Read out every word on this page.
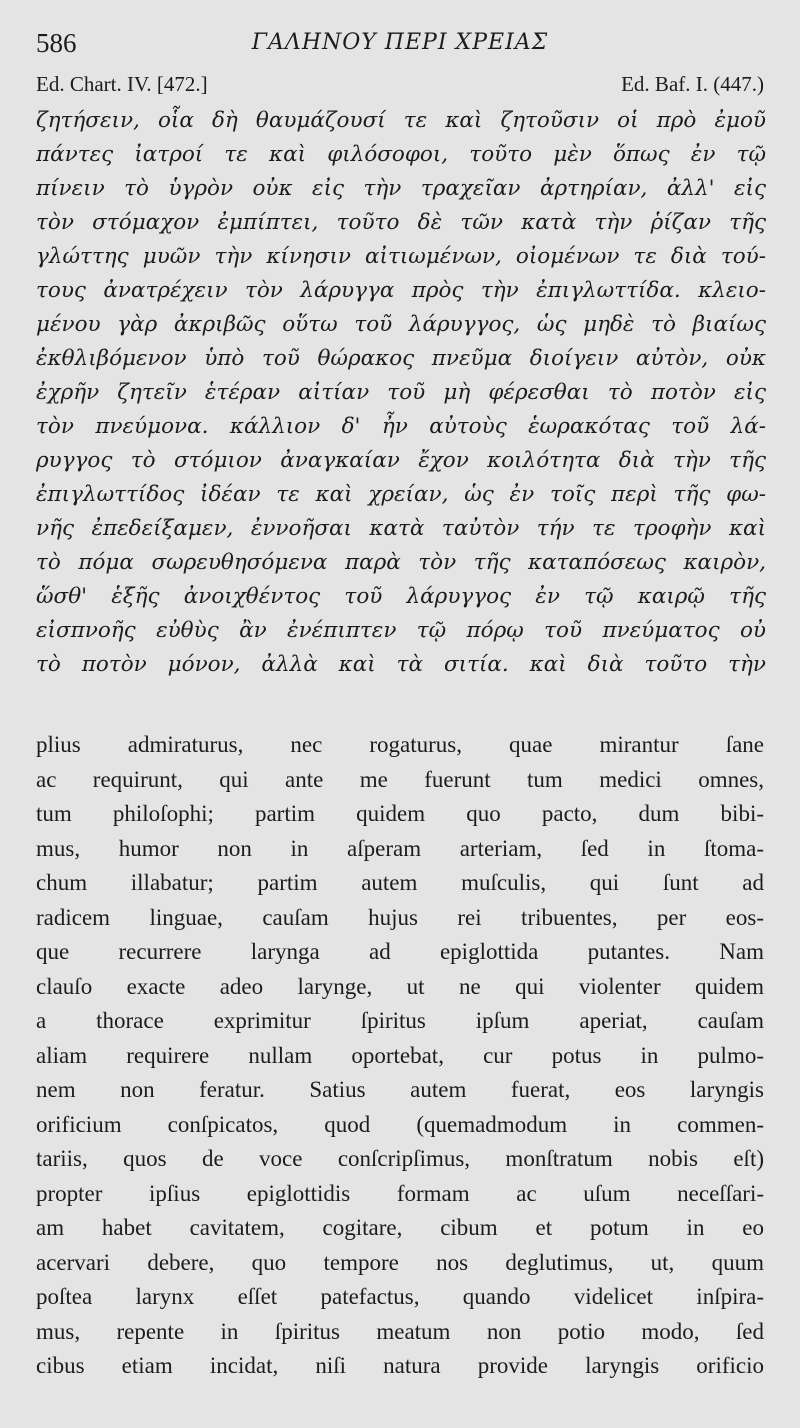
586	ΓΑΛΗΝΟΥ ΠΕΡΙ ΧΡΕΙΑΣ
Ed. Chart. IV. [472.]	Ed. Baf. I. (447.)
ζητήσειν, οἷα δὴ θαυμάζουσί τε καὶ ζητοῦσιν οἱ πρὸ ἐμοῦ
πάντες ἰατροί τε καὶ φιλόσοφοι, τοῦτο μὲν ὅπως ἐν τῷ
πίνειν τὸ ὑγρὸν οὐκ εἰς τὴν τραχεῖαν ἀρτηρίαν, ἀλλ' εἰς
τὸν στόμαχον ἐμπίπτει, τοῦτο δὲ τῶν κατὰ τὴν ῥίζαν τῆς
γλώττης μυῶν τὴν κίνησιν αἰτιωμένων, οἰομένων τε διὰ τού-
τους ἀνατρέχειν τὸν λάρυγγα πρὸς τὴν ἐπιγλωττίδα. κλειο-
μένου γὰρ ἀκριβῶς οὕτω τοῦ λάρυγγος, ὡς μηδὲ τὸ βιαίως
ἐκθλιβόμενον ὑπὸ τοῦ θώρακος πνεῦμα διοίγειν αὐτὸν, οὐκ
ἐχρῆν ζητεῖν ἑτέραν αἰτίαν τοῦ μὴ φέρεσθαι τὸ ποτὸν εἰς
τὸν πνεύμονα. κάλλιον δ' ἦν αὐτοὺς ἑωρακότας τοῦ λά-
ρυγγος τὸ στόμιον ἀναγκαίαν ἔχον κοιλότητα διὰ τὴν τῆς
ἐπιγλωττίδος ἰδέαν τε καὶ χρείαν, ὡς ἐν τοῖς περὶ τῆς φω-
νῆς ἐπεδείξαμεν, ἐννοῆσαι κατὰ ταὐτὸν τήν τε τροφὴν καὶ
τὸ πόμα σωρευθησόμενα παρὰ τὸν τῆς καταπόσεως καιρὸν,
ὥσθ' ἑξῆς ἀνοιχθέντος τοῦ λάρυγγος ἐν τῷ καιρῷ τῆς
εἰσπνοῆς εὐθὺς ἂν ἐνέπιπτεν τῷ πόρῳ τοῦ πνεύματος οὐ
τὸ ποτὸν μόνον, ἀλλὰ καὶ τὰ σιτία. καὶ διὰ τοῦτο τὴν
plius admiraturus, nec rogaturus, quae mirantur ſane
ac requirunt, qui ante me fuerunt tum medici omnes,
tum philoſophi; partim quidem quo pacto, dum bibi-
mus, humor non in aſperam arteriam, ſed in ſtoma-
chum illabatur; partim autem muſculis, qui ſunt ad
radicem linguae, cauſam hujus rei tribuentes, per eos-
que recurrere larynga ad epiglottida putantes. Nam
clauſo exacte adeo larynge, ut ne qui violenter quidem
a thorace exprimitur ſpiritus ipſum aperiat, cauſam
aliam requirere nullam oportebat, cur potus in pulmo-
nem non feratur. Satius autem fuerat, eos laryngis
orificium conſpicatos, quod (quemadmodum in commen-
tariis, quos de voce conſcripſimus, monſtratum nobis eſt)
propter ipſius epiglottidis formam ac uſum neceſſari-
am habet cavitatem, cogitare, cibum et potum in eo
acervari debere, quo tempore nos deglutimus, ut, quum
poſtea larynx eſſet patefactus, quando videlicet inſpira-
mus, repente in ſpiritus meatum non potio modo, ſed
cibus etiam incidat, niſi natura provide laryngis orificio
